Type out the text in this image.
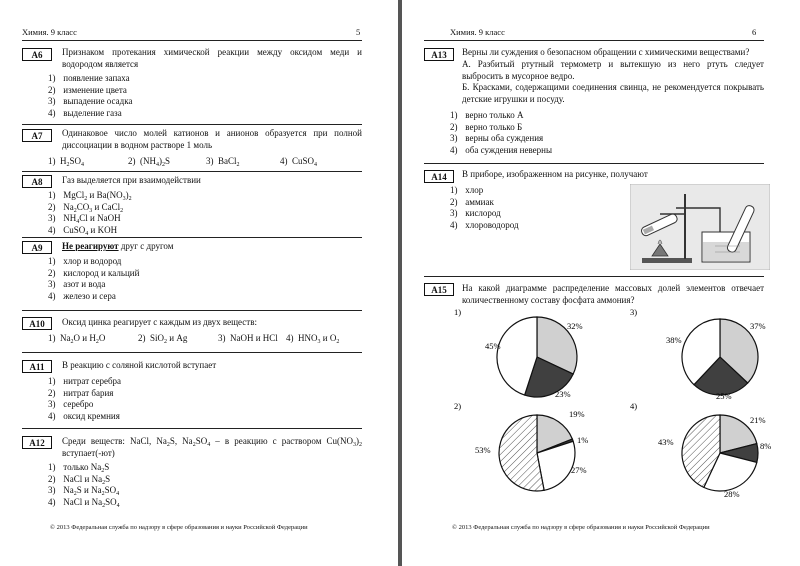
Химия. 9 класс	5
А6	Признаком протекания химической реакции между оксидом меди и водородом является
1) появление запаха
2) изменение цвета
3) выпадение осадка
4) выделение газа
А7	Одинаковое число молей катионов и анионов образуется при полной диссоциации в водном растворе 1 моль
1)  $H_2SO_4$	2)  $(NH_4)_2S$	3)  BaCl$_2$	4)  CuSO$_4$
А8	Газ выделяется при взаимодействии
1) MgCl$_2$ и $Ba(NO_3)_2$
2) $Na_2CO_3$ и CaCl$_2$
3) $NH_4Cl$ и NaOH
4) CuSO$_4$ и KOH
А9	Не реагируют друг с другом
1) хлор и водород
2) кислород и кальций
3) азот и вода
4) железо и сера
А10	Оксид цинка реагирует с каждым из двух веществ:
1)  $Na_2O$ и $H_2O$	2)  SiO$_2$ и Ag	3)  NaOH и HCl 4)  $HNO_3$ и $O_2$
А11	В реакцию с соляной кислотой вступает
1) нитрат серебра
2) нитрат бария
3) серебро
4) оксид кремния
А12	Среди веществ: NaCl, $Na_2S$, $Na_2SO_4$ – в реакцию с раствором $Cu(NO_3)_2$ вступает(-ют)
1) только $Na_2S$
2) NaCl и $Na_2S$
3) $Na_2S$ и $Na_2SO_4$
4) NaCl и $Na_2SO_4$
© 2013 Федеральная служба по надзору в сфере образования и науки Российской Федерации
Химия. 9 класс	6
А13	Верны ли суждения о безопасном обращении с химическими веществами?
А. Разбитый ртутный термометр и вытекшую из него ртуть следует выбросить в мусорное ведро.
Б. Красками, содержащими соединения свинца, не рекомендуется покрывать детские игрушки и посуду.
1) верно только А
2) верно только Б
3) верны оба суждения
4) оба суждения неверны
А14	В приборе, изображенном на рисунке, получают
1) хлор
2) аммиак
3) кислород
4) хлороводород
А15	На какой диаграмме распределение массовых долей элементов отвечает количественному составу фосфата аммония?
1)
32%
23%
45%
3)
37%
25%
38%
2)
19%
1%
27%
53%
4)
21%
8%
28%
43%
© 2013 Федеральная служба по надзору в сфере образования и науки Российской Федерации
